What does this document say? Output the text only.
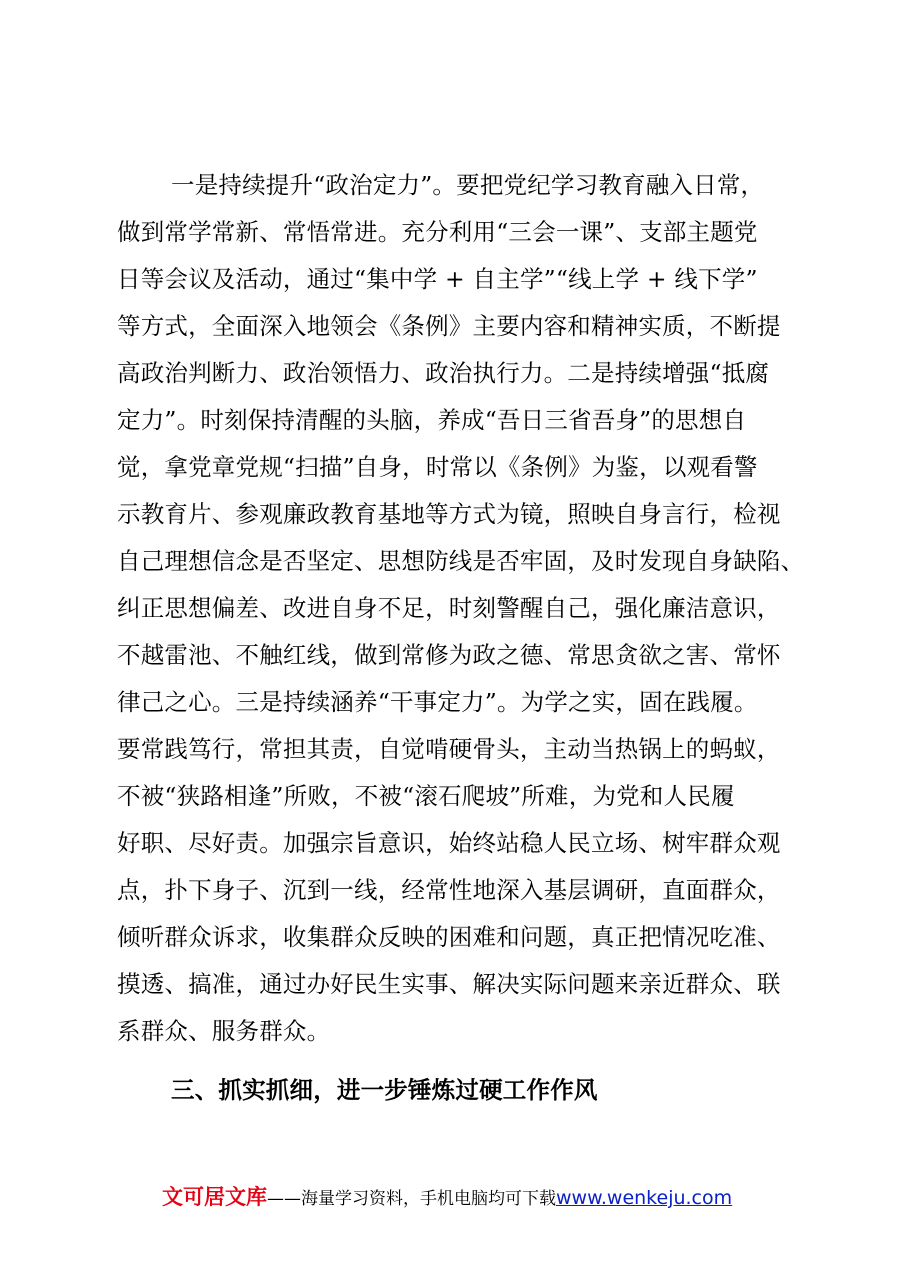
一是持续提升“政治定力”。要把党纪学习教育融入日常，
做到常学常新、常悟常进。充分利用“三会一课”、支部主题党
日等会议及活动，通过“集中学 + 自主学”“线上学 + 线下学”
等方式，全面深入地领会《条例》主要内容和精神实质，不断提
高政治判断力、政治领悟力、政治执行力。二是持续增强“抵腐
定力”。时刻保持清醒的头脑，养成“吾日三省吾身”的思想自
觉，拿党章党规“扫描”自身，时常以《条例》为鉴，以观看警
示教育片、参观廉政教育基地等方式为镜，照映自身言行，检视
自己理想信念是否坚定、思想防线是否牢固，及时发现自身缺陷、
纠正思想偏差、改进自身不足，时刻警醒自己，强化廉洁意识，
不越雷池、不触红线，做到常修为政之德、常思贪欲之害、常怀
律己之心。三是持续涵养“干事定力”。为学之实，固在践履。
要常践笃行，常担其责，自觉啃硬骨头，主动当热锅上的蚂蚁，
不被“狭路相逢”所败，不被“滚石爬坡”所难，为党和人民履
好职、尽好责。加强宗旨意识，始终站稳人民立场、树牢群众观
点，扑下身子、沉到一线，经常性地深入基层调研，直面群众，
倾听群众诉求，收集群众反映的困难和问题，真正把情况吃准、
摸透、搞准，通过办好民生实事、解决实际问题来亲近群众、联
系群众、服务群众。
三、抓实抓细，进一步锤炼过硬工作作风
文可居文库——海量学习资料，手机电脑均可下载www.wenkeju.com
